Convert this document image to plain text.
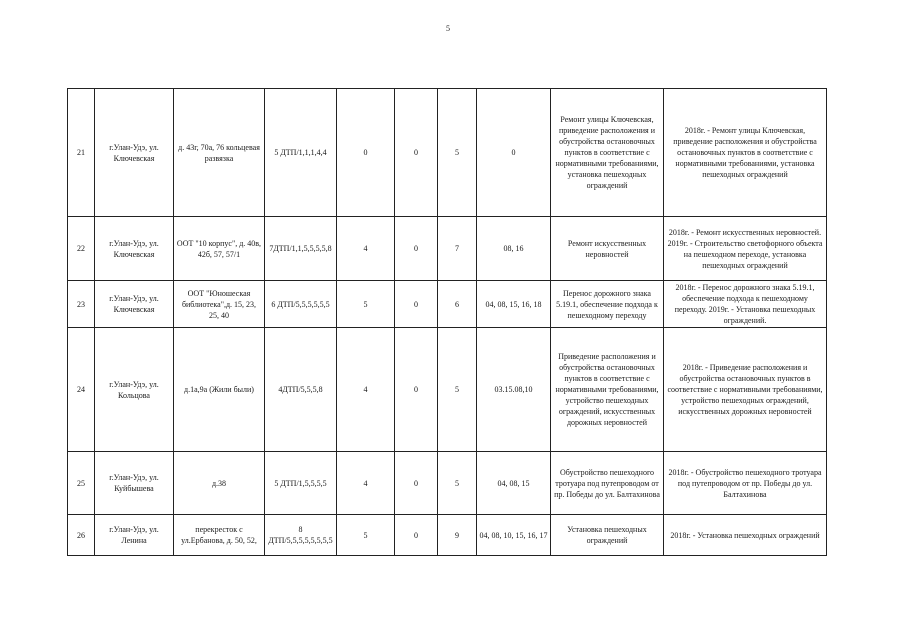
5
21	г.Улан-Удэ, ул. Ключевская	д. 43г, 70а, 76 кольцевая развязка	5 ДТП/1,1,1,4,4	0	0	5	0	Ремонт улицы Ключевская, приведение расположения и обустройства остановочных пунктов в соответствие с нормативными требованиями, установка пешеходных ограждений	2018г. - Ремонт улицы Ключевская, приведение расположения и обустройства остановочных пунктов в соответствие с нормативными требованиями, установка пешеходных ограждений
22	г.Улан-Удэ, ул. Ключевская	ООТ "10 корпус", д. 40в, 42б, 57, 57/1	7ДТП/1,1,5,5,5,5,8	4	0	7	08, 16	Ремонт искусственных неровностей	2018г. - Ремонт искусственных неровностей. 2019г. - Строительство светофорного объекта на пешеходном переходе, установка пешеходных ограждений
23	г.Улан-Удэ, ул. Ключевская	ООТ "Юношеская библиотека",д. 15, 23, 25, 40	6 ДТП/5,5,5,5,5,5	5	0	6	04, 08, 15, 16, 18	Перенос дорожного знака 5.19.1, обеспечение подхода к пешеходному переходу	2018г. - Перенос дорожного знака 5.19.1, обеспечение подхода к пешеходному переходу. 2019г. - Установка пешеходных ограждений.
24	г.Улан-Удэ, ул. Кольцова	д.1а,9а (Жили были)	4ДТП/5,5,5,8	4	0	5	03.15.08,10	Приведение расположения и обустройства остановочных пунктов в соответствие с нормативными требованиями, устройство пешеходных ограждений, искусственных дорожных неровностей	2018г. - Приведение расположения и обустройства остановочных пунктов в соответствие с нормативными требованиями, устройство пешеходных ограждений, искусственных дорожных неровностей
25	г.Улан-Удэ, ул. Куйбышева	д.38	5 ДТП/1,5,5,5,5	4	0	5	04, 08, 15	Обустройство пешеходного тротуара под путепроводом от пр. Победы до ул. Балтахинова	2018г. - Обустройство пешеходного тротуара под путепроводом от пр. Победы до ул. Балтахинова
26	г.Улан-Удэ, ул. Ленина	перекресток с ул.Ербанова, д. 50, 52,	8 ДТП/5,5,5,5,5,5,5,5	5	0	9	04, 08, 10, 15, 16, 17	Установка пешеходных ограждений	2018г. - Установка пешеходных ограждений
